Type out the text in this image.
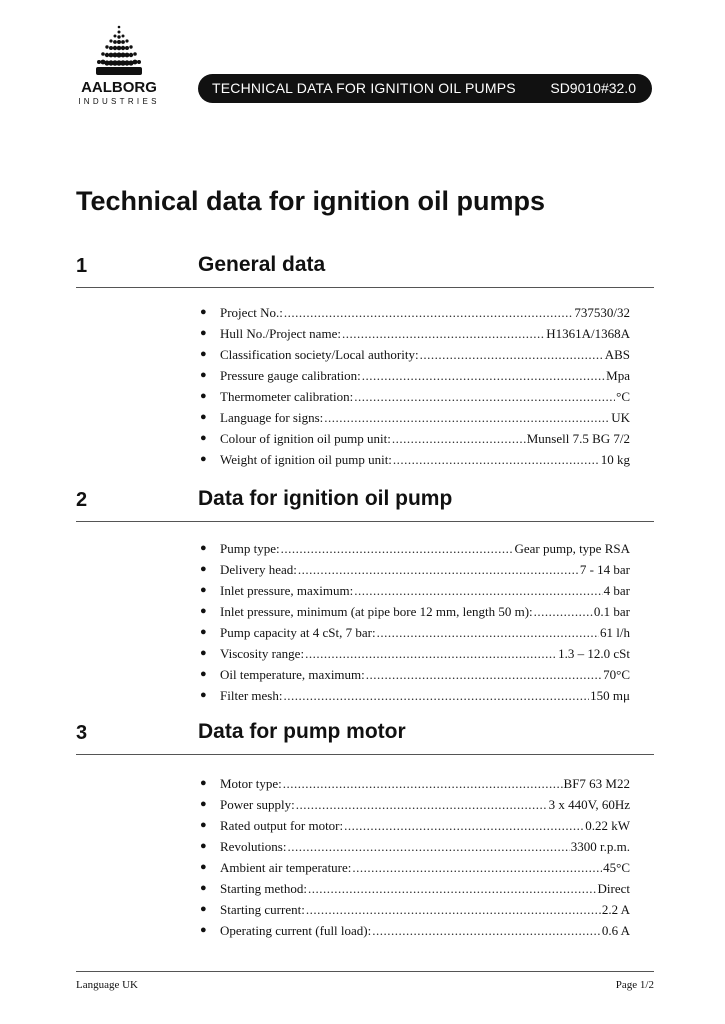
AALBORG
INDUSTRIES
TECHNICAL DATA FOR IGNITION OIL PUMPS SD9010#32.0
Technical data for ignition oil pumps
1	General data
● Project No.: .....	737530/32
● Hull No./Project name: .....	H1361A/1368A
● Classification society/Local authority: .....	ABS
● Pressure gauge calibration: .....	Mpa
● Thermometer calibration: .....	°C
● Language for signs: .....	UK
● Colour of ignition oil pump unit: .....	Munsell 7.5 BG 7/2
● Weight of ignition oil pump unit: .....	10 kg
2	Data for ignition oil pump
● Pump type: .....	Gear pump, type RSA
● Delivery head: .....	7 - 14 bar
● Inlet pressure, maximum: .....	4 bar
● Inlet pressure, minimum (at pipe bore 12 mm, length 50 m): .....	0.1 bar
● Pump capacity at 4 cSt, 7 bar: .....	61 l/h
● Viscosity range: .....	1.3 – 12.0 cSt
● Oil temperature, maximum: .....	70°C
● Filter mesh: .....	150 mμ
3	Data for pump motor
● Motor type: .....	BF7 63 M22
● Power supply: .....	3 x 440V, 60Hz
● Rated output for motor: .....	0.22 kW
● Revolutions: .....	3300 r.p.m.
● Ambient air temperature: .....	45°C
● Starting method: .....	Direct
● Starting current: .....	2.2 A
● Operating current (full load): .....	0.6 A
Language UK	Page 1/2
